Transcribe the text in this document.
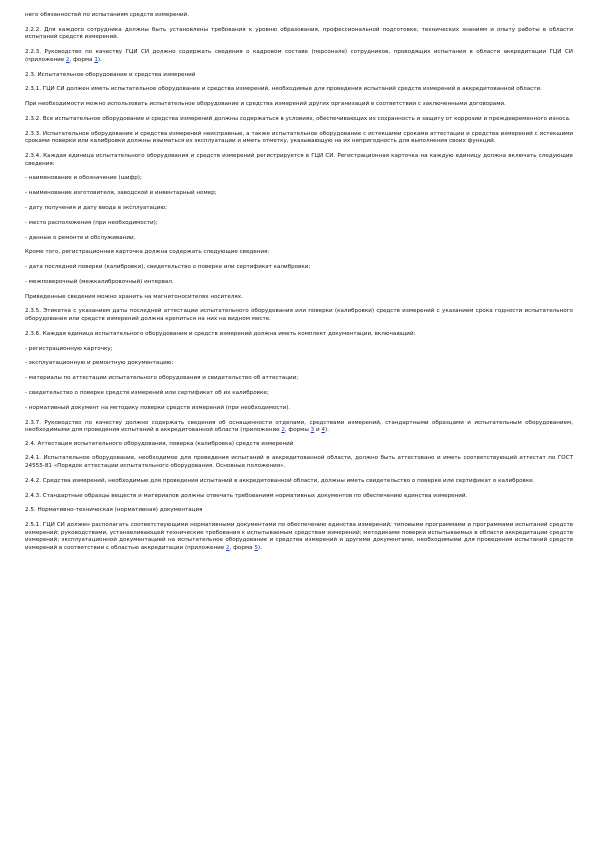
него обязанностей по испытаниям средств измерений.

2.2.2. Для каждого сотрудника должны быть установлены требования к уровню образования, профессиональной подготовке, технических знаниям и опыту работы в области испытаний средств измерений.

2.2.3. Руководство по качеству ГЦИ СИ должно содержать сведения о кадровом составе (персонале) сотрудников, проводящих испытания в области аккредитации ГЦИ СИ (приложение 2, форма 1).

2.3. Испытательное оборудование и средства измерений

2.3.1. ГЦИ СИ должен иметь испытательное оборудование и средства измерений, необходимые для проведения испытаний средств измерений в аккредитованной области.

При необходимости можно использовать испытательное оборудование и средства измерений других организаций в соответствии с заключенными договорами.

2.3.2. Все испытательное оборудование и средства измерений должны содержаться в условиях, обеспечивающих их сохранность и защиту от коррозии и преждевременного износа.

2.3.3. Испытательное оборудование и средства измерений неисправные, а также испытательное оборудование с истекшими сроками аттестации и средства измерений с истекшими сроками поверки или калибровки должны изыматься из эксплуатации и иметь отметку, указывающую на их непригодность для выполнения своих функций.

2.3.4. Каждая единица испытательного оборудования и средств измерений регистрируется в ГЦИ СИ. Регистрационная карточка на каждую единицу должна включать следующие сведения:

- наименование и обозначение (шифр);

- наименование изготовителя, заводской и инвентарный номер;

- дату получения и дату ввода в эксплуатацию;

- место расположения (при необходимости);

- данные о ремонте и обслуживании.

Кроме того, регистрационная карточка должна содержать следующие сведения:

- дата последней поверки (калибровки), свидетельство о поверке или сертификат калибровки;

- межповерочный (межкалибровочный) интервал.

Приведенные сведения можно хранить на магнитоносителях носителях.

2.3.5. Этикетка с указанием даты последней аттестации испытательного оборудования или поверки (калибровки) средств измерений с указанием срока годности испытательного оборудования или средств измерений должна крепиться на них на видном месте.

2.3.6. Каждая единица испытательного оборудования и средств измерений должна иметь комплект документации, включающий:

- регистрационную карточку;

- эксплуатационную и ремонтную документацию;

- материалы по аттестации испытательного оборудования и свидетельство об аттестации;

- свидетельство о поверке средств измерений или сертификат об их калибровке;

- нормативный документ на методику поверки средств измерений (при необходимости).

2.3.7. Руководство по качеству должно содержать сведения об оснащенности отделами, средствами измерений, стандартными образцами и испытательным оборудованием, необходимыми для проведения испытаний в аккредитованной области (приложение 2, формы 3 и 4).

2.4. Аттестация испытательного оборудования, поверка (калибровка) средств измерений

2.4.1. Испытательное оборудование, необходимое для проведения испытаний в аккредитованной области, должно быть аттестовано и иметь соответствующий аттестат по ГОСТ 24555-81 «Порядок аттестации испытательного оборудования. Основные положения».

2.4.2. Средства измерений, необходимые для проведения испытаний в аккредитованной области, должны иметь свидетельство о поверке или сертификат о калибровке.

2.4.3. Стандартные образцы веществ и материалов должны отвечать требованиям нормативных документов по обеспечению единства измерений.

2.5. Нормативно-техническая (нормативная) документация

2.5.1. ГЦИ СИ должен располагать соответствующими нормативными документами по обеспечению единства измерений; типовыми программами и программами испытаний средств измерений; руководствами, устанавливающей технические требования к испытываемым средствам измерений; методиками поверки испытываемых в области аккредитации средств измерений; эксплуатационной документацией на испытательное оборудование и средства измерений и другими документами, необходимыми для проведения испытаний средств измерений в соответствии с областью аккредитации (приложение 2, форма 5).
